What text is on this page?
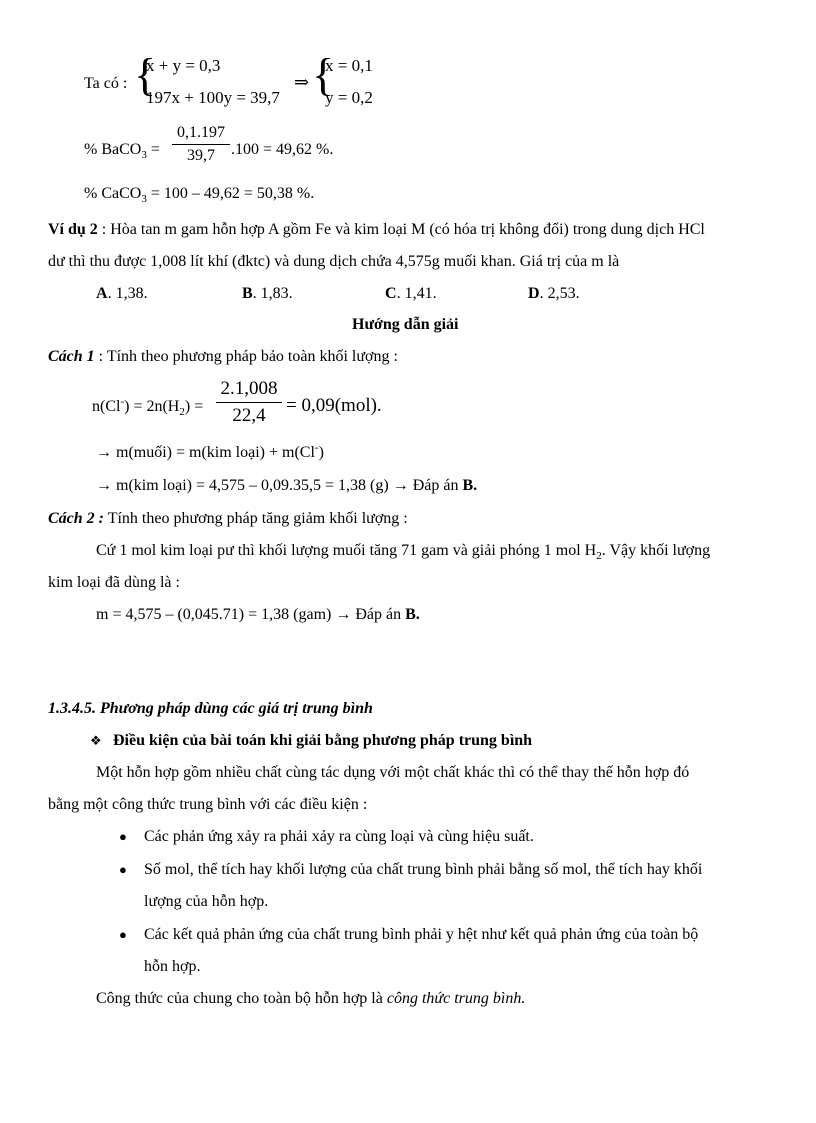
Ta có : {
x + y = 0,3
197x + 100y = 39,7
⇒ {
x = 0,1
y = 0,2
% BaCO$_3$ =
0,1.197
39,7	.100 = 49,62 %.
% CaCO$_3$ = 100 – 49,62 = 50,38 %.
Ví dụ 2 : Hòa tan m gam hỗn hợp A gồm Fe và kim loại M (có hóa trị không đổi) trong dung dịch HCl
dư thì thu được 1,008 lít khí (đktc) và dung dịch chứa 4,575g muối khan. Giá trị của m là
A. 1,38.	B. 1,83.	C. 1,41.	D. 2,53.
Hướng dẫn giải
Cách 1 : Tính theo phương pháp bảo toàn khối lượng :
$n(Cl^-) = 2n(H_2)$ =
2.1,008
22,4	= 0,09(mol).
→ m(muối) = m(kim loại) + m(Cl-)
→ m(kim loại) = 4,575 – 0,09.35,5 = 1,38 (g) → Đáp án B.
Cách 2 : Tính theo phương pháp tăng giảm khối lượng :
Cứ 1 mol kim loại pư thì khối lượng muối tăng 71 gam và giải phóng 1 mol $H_2$. Vậy khối lượng
kim loại đã dùng là :
m = 4,575 – (0,045.71) = 1,38 (gam) → Đáp án B.
1.3.4.5. Phương pháp dùng các giá trị trung bình
❖ Điều kiện của bài toán khi giải bằng phương pháp trung bình
Một hỗn hợp gồm nhiều chất cùng tác dụng với một chất khác thì có thể thay thế hỗn hợp đó
bằng một công thức trung bình với các điều kiện :
● Các phản ứng xảy ra phải xảy ra cùng loại và cùng hiệu suất.
● Số mol, thể tích hay khối lượng của chất trung bình phải bằng số mol, thể tích hay khối
lượng của hỗn hợp.
● Các kết quả phản ứng của chất trung bình phải y hệt như kết quả phản ứng của toàn bộ
hỗn hợp.
Công thức của chung cho toàn bộ hỗn hợp là công thức trung bình.
